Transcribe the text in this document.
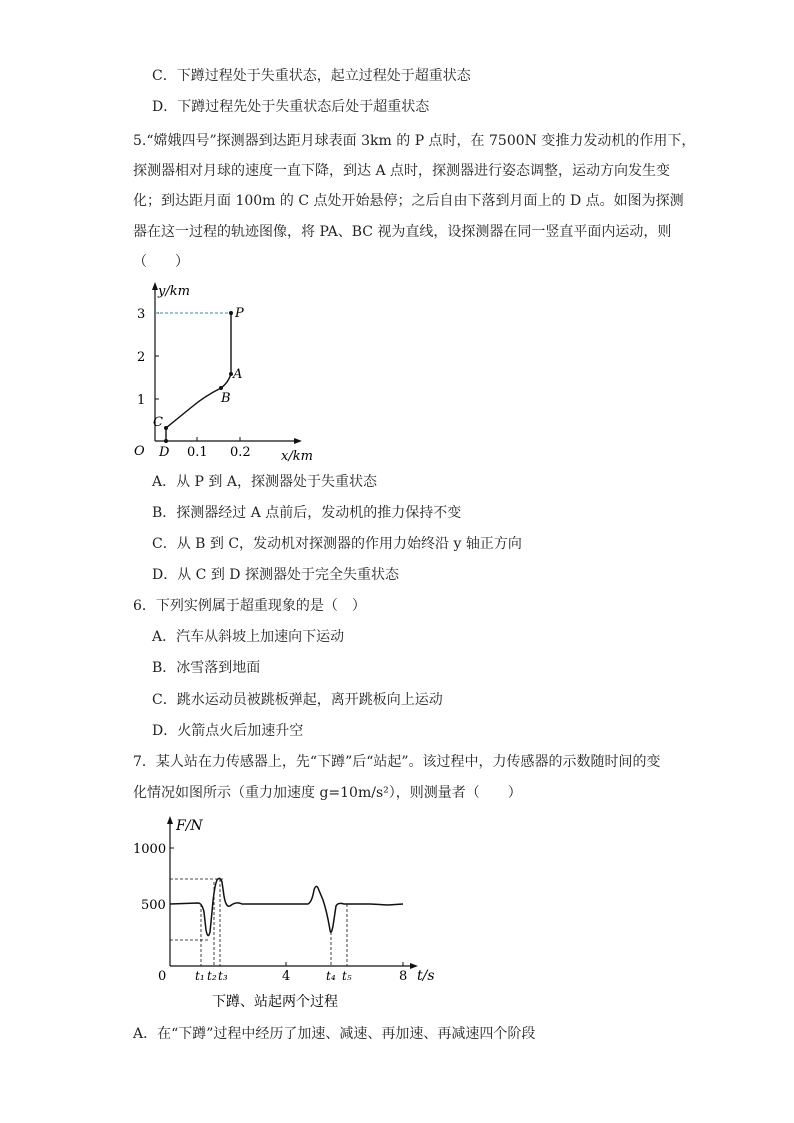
C．下蹲过程处于失重状态，起立过程处于超重状态
D．下蹲过程先处于失重状态后处于超重状态
5.“嫦娥四号”探测器到达距月球表面 3km 的 P 点时，在 7500N 变推力发动机的作用下，
探测器相对月球的速度一直下降，到达 A 点时，探测器进行姿态调整，运动方向发生变
化；到达距月面 100m 的 C 点处开始悬停；之后自由下落到月面上的 D 点。如图为探测
器在这一过程的轨迹图像，将 PA、BC 视为直线，设探测器在同一竖直平面内运动，则
（　　）
y/km
x/km
O
1
2
3
0.1 0.2
P
A
B
C
D
A．从 P 到 A，探测器处于失重状态
B．探测器经过 A 点前后，发动机的推力保持不变
C．从 B 到 C，发动机对探测器的作用力始终沿 y 轴正方向
D．从 C 到 D 探测器处于完全失重状态
6．下列实例属于超重现象的是（　）
A．汽车从斜坡上加速向下运动
B．冰雪落到地面
C．跳水运动员被跳板弹起，离开跳板向上运动
D．火箭点火后加速升空
7．某人站在力传感器上，先“下蹲”后“站起”。该过程中，力传感器的示数随时间的变
化情况如图所示（重力加速度 g=10m/s²），则测量者（　　）
F/N
t/s
1000
500
0	4	8
t₁ t₂ t₃	t₄ t₅
下蹲、站起两个过程
A．在“下蹲”过程中经历了加速、减速、再加速、再减速四个阶段
